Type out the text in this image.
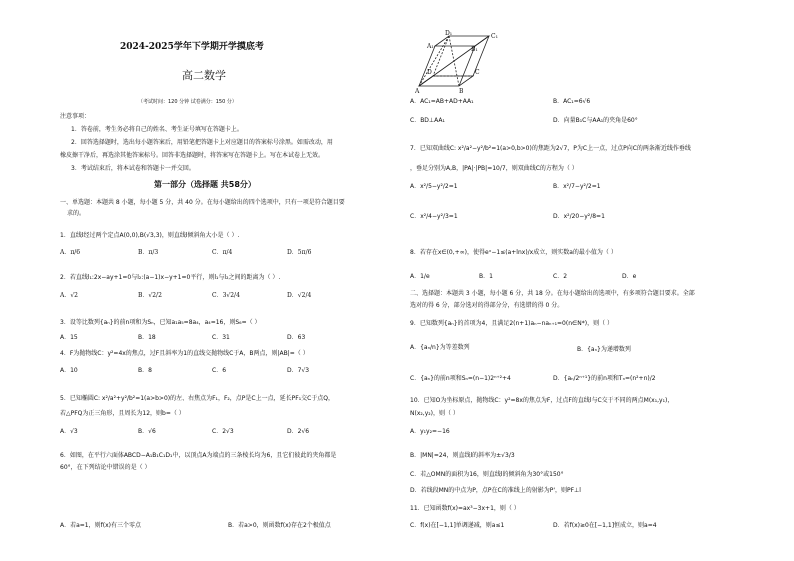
2024-2025学年下学期开学摸底考
高二数学
（考试时间：120 分钟 试卷满分：150 分）
注意事项：
1．答卷前，考生务必将自己的姓名、考生证号填写在答题卡上。
2．回答选择题时，选出每小题答案后，用铅笔把答题卡上对应题目的答案标号涂黑。如需改动，用
橡皮擦干净后，再选涂其他答案标号。回答非选择题时，将答案写在答题卡上。写在本试卷上无效。
3．考试结束后，将本试卷和答题卡一并交回。
第一部分（选择题 共58分）
一、单选题：本题共 8 小题，每小题 5 分，共 40 分。在每小题给出的四个选项中，只有一项是符合题目要
求的。
1．直线l经过两个定点A(0,0),B(√3,3)，则直线l倾斜角大小是（ ）.
A．π/6	B．π/3	C．π/4	D．5π/6
2．若直线l₁:2x−ay+1=0与l₂:(a−1)x−y+1=0平行，则l₁与l₂之间的距离为（ ）.
A．√2	B．√2/2	C．3√2/4	D．√2/4
3．设等比数列{aₙ}的前n项和为Sₙ，已知a₁a₅=8a₄，a₄=16，则S₆=（ ）
A．15	B．18	C．31	D．63
4．F为抛物线C：y²=4x的焦点，过F且斜率为1的直线交抛物线C于A，B两点，则|AB|=（ ）
A．10	B．8	C．6	D．7√3
5．已知椭圆C: x²/a²+y²/b²=1(a>b>0)的左、右焦点为F₁，F₂，点P是C上一点，延长PF₁交C于点Q，
若△PFQ为正三角形，且周长为12，则b=（ ）
A．√3	B．√6	C．2√3	D．2√6
6．如图，在平行六面体ABCD−A₁B₁C₁D₁中，以顶点A为端点的三条棱长均为6，且它们彼此的夹角都是
60°，在下列结论中错误的是（ ）
A．若a=1，则f(x)有三个零点	B．若a>0，则函数f(x)存在2个极值点
A₁
D₁
B₁
C₁
A
D
B
C
A．AC₁=AB+AD+AA₁	B．AC₁=6√6
C．BD⊥AA₁	D．向量B₁C与AA₁的夹角是60°
7．已知双曲线C: x²/a²−y²/b²=1(a>0,b>0)的焦距为2√7，P为C上一点，过点P向C的两条渐近线作垂线
，垂足分别为A,B，|PA|·|PB|=10/7，则双曲线C的方程为（ ）
A．x²/5−y²/2=1	B．x²/7−y²/2=1
C．x²/4−y²/3=1	D．x²/20−y²/8=1
8．若存在x∈(0,+∞)，使得eˣ−1≤(a+lnx)/x成立，则实数a的最小值为（ ）
A．1/e	B．1	C．2	D．e
二、选择题：本题共 3 小题，每小题 6 分，共 18 分。在每小题给出的选项中，有多项符合题目要求。全部
选对的得 6 分，部分选对的得部分分，有选错的得 0 分。
9．已知数列{aₙ}的首项为4，且满足2(n+1)aₙ−naₙ₊₁=0(n∈N*)，则（ ）
A．{aₙ/n}为等差数列	B．{aₙ}为递增数列
C．{aₙ}的前n项和Sₙ=(n−1)2ⁿ⁺²+4	D．{aₙ/2ⁿ⁺¹}的前n项和Tₙ=(n²+n)/2
10．已知O为坐标原点，抛物线C：y²=8x的焦点为F，过点F的直线l与C交于不同的两点M(x₁,y₁)，
N(x₂,y₂)，则（ ）
A．y₁y₂=−16
B．|MN|=24，则直线l的斜率为±√3/3
C．若△OMN的面积为16，则直线l的倾斜角为30°或150°
D．若线段MN的中点为P，点P在C的准线上的射影为P'，则PF⊥l
11．已知函数f(x)=ax³−3x+1，则（ ）
C．f(x)在[−1,1]单调递减，则a≤1	D．若f(x)≥0在[−1,1]恒成立，则a=4
